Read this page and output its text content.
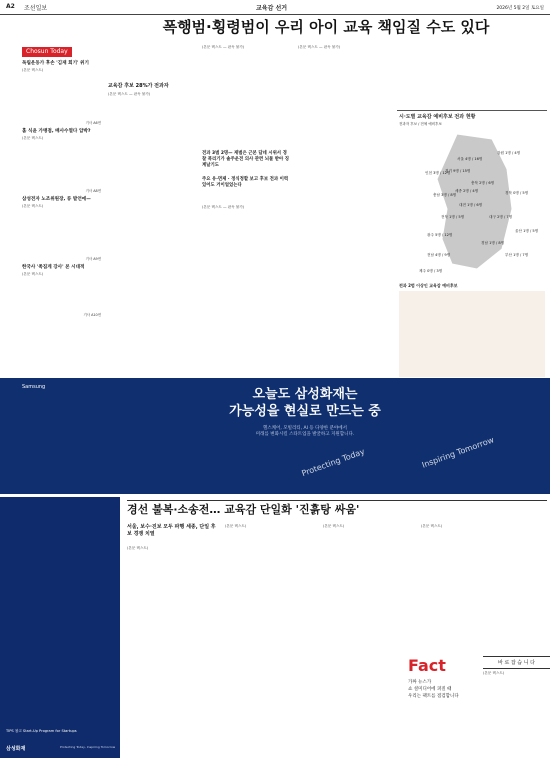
A2 조선일보	교육감 선거	2026년 5월 2일 토요일
폭행범·횡령범이 우리 아이 교육 책임질 수도 있다
Chosun Today
독립운동가 후손 '김재 회기' 위기

(본문 텍스트)

기사 A6면
홈 식윤 가맹점, 배사수열다 압박?

(본문 텍스트)

기사 A8면
삼성전자 노조위원장, 류 발언에—

(본문 텍스트)

기사 A9면
한국사 '족집게 강사' 본 시대적

(본문 텍스트)

기사 A10면
교육감 후보 28%가 전과자

(본문 텍스트 — 판독 불가)

(본문 텍스트 — 판독 불가)

전과 3범 2명— 재범은 근본 답네 시위서 경찰 폭리기가 솔주운전 의사 관련 뇌물 받아 징계날기도
주요 유·면제 · 정식정할 보고 후보 전과 이력 있어도 거이얼었는다

(본문 텍스트 — 판독 불가)

(본문 텍스트 — 판독 불가)

시·도별 교육감 예비후보 전과 현황
전과자 후보 / 전체 예비후보
서울 4명 / 16명
경기 9명 / 15명
인천 3명 / 12명
강원 1명 / 4명
충북 2명 / 6명
충남 3명 / 8명
세종 2명 / 4명
대전 1명 / 6명
경북 0명 / 5명
대구 2명 / 7명
전북 1명 / 5명
광주 5명 / 12명
경남 1명 / 8명
울산 1명 / 5명
부산 1명 / 7명
전남 4명 / 9명
제주 0명 / 3명
전과 2범 이상인 교육감 예비후보
경선 불복·소송전… 교육감 단일화 '진흙탕 싸움'
서울, 보수·진보 모두 파행 세종, 단일 후보 경쟁 치열

(본문 텍스트)

(본문 텍스트)	(본문 텍스트)	(본문 텍스트)

Samsung	오늘도 삼성화재는
가능성을 현실로 만드는 중
헬스케어, 모빌리티, AI 등 다양한 분야에서
미래를 변화시킬 스타트업을 발굴하고 지원합니다.
Protecting Today	Inspiring Tomorrow
TIPS 참고 Start-Up Program for Startups
삼성화재	Protecting Today, Inspiring Tomorrow
Fact
가짜 뉴스가
쇼 셜미디어에 퍼질 때
우리는 팩트를 점검합니다
바 로 잡 습 니 다

(본문 텍스트)
